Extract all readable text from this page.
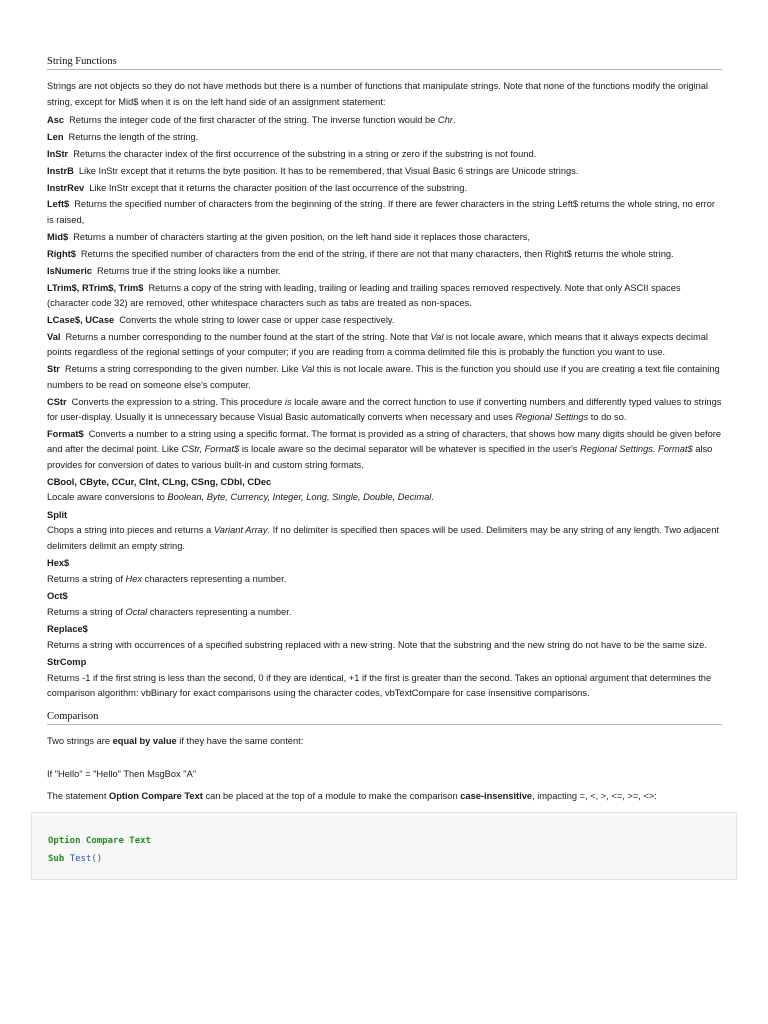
String Functions

Strings are not objects so they do not have methods but there is a number of functions that manipulate strings. Note that none of the functions modify the original string, except for Mid$ when it is on the left hand side of an assignment statement:

Asc Returns the integer code of the first character of the string. The inverse function would be Chr.

Len Returns the length of the string.

InStr Returns the character index of the first occurrence of the substring in a string or zero if the substring is not found.

InstrB Like InStr except that it returns the byte position. It has to be remembered, that Visual Basic 6 strings are Unicode strings.

InstrRev Like InStr except that it returns the character position of the last occurrence of the substring.

Left$ Returns the specified number of characters from the beginning of the string. If there are fewer characters in the string Left$ returns the whole string, no error is raised,

Mid$ Returns a number of characters starting at the given position, on the left hand side it replaces those characters,

Right$ Returns the specified number of characters from the end of the string, if there are not that many characters, then Right$ returns the whole string.

IsNumeric Returns true if the string looks like a number.

LTrim$, RTrim$, Trim$ Returns a copy of the string with leading, trailing or leading and trailing spaces removed respectively. Note that only ASCII spaces (character code 32) are removed, other whitespace characters such as tabs are treated as non-spaces.

LCase$, UCase Converts the whole string to lower case or upper case respectively.

Val Returns a number corresponding to the number found at the start of the string. Note that Val is not locale aware, which means that it always expects decimal points regardless of the regional settings of your computer; if you are reading from a comma delimited file this is probably the function you want to use.

Str Returns a string corresponding to the given number. Like Val this is not locale aware. This is the function you should use if you are creating a text file containing numbers to be read on someone else's computer.

CStr Converts the expression to a string. This procedure is locale aware and the correct function to use if converting numbers and differently typed values to strings for user-display. Usually it is unnecessary because Visual Basic automatically converts when necessary and uses Regional Settings to do so.

Format$ Converts a number to a string using a specific format. The format is provided as a string of characters, that shows how many digits should be given before and after the decimal point. Like CStr, Format$ is locale aware so the decimal separator will be whatever is specified in the user's Regional Settings. Format$ also provides for conversion of dates to various built-in and custom string formats.

CBool, CByte, CCur, CInt, CLng, CSng, CDbl, CDec

Locale aware conversions to Boolean, Byte, Currency, Integer, Long, Single, Double, Decimal.

Split

Chops a string into pieces and returns a Variant Array. If no delimiter is specified then spaces will be used. Delimiters may be any string of any length. Two adjacent delimiters delimit an empty string.

Hex$

Returns a string of Hex characters representing a number.

Oct$

Returns a string of Octal characters representing a number.

Replace$

Returns a string with occurrences of a specified substring replaced with a new string. Note that the substring and the new string do not have to be the same size.

StrComp

Returns -1 if the first string is less than the second, 0 if they are identical, +1 if the first is greater than the second. Takes an optional argument that determines the comparison algorithm: vbBinary for exact comparisons using the character codes, vbTextCompare for case insensitive comparisons.

Comparison

Two strings are equal by value if they have the same content:

If "Hello" = "Hello" Then MsgBox "A"

The statement Option Compare Text can be placed at the top of a module to make the comparison case-insensitive, impacting =, <, >, <=, >=, <>:

Option Compare Text
Sub Test()
